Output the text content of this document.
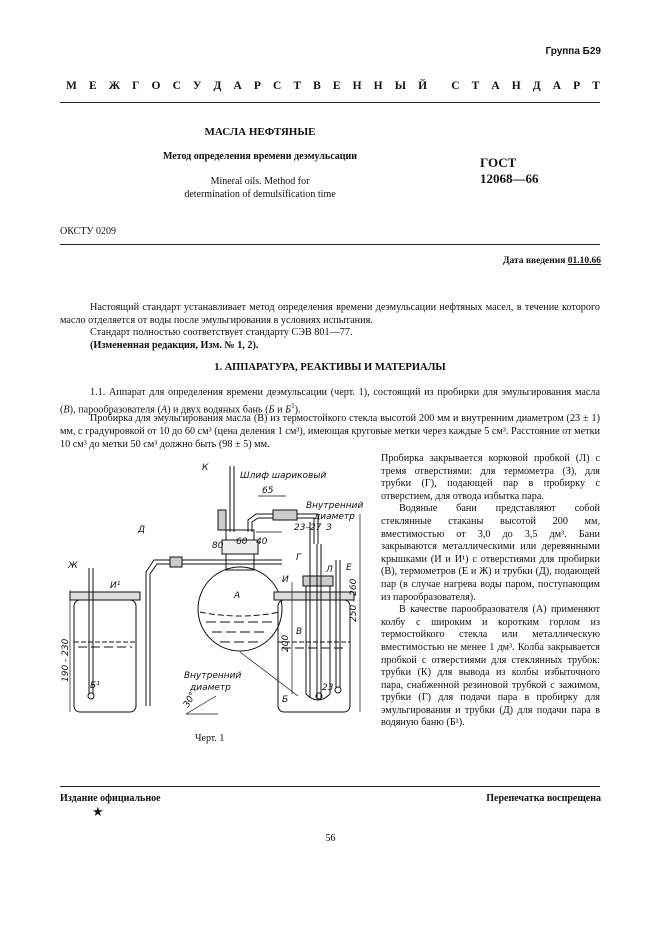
Группа Б29
М Е Ж Г О С У Д А Р С Т В Е Н Н Ы Й С Т А Н Д А Р Т
МАСЛА НЕФТЯНЫЕ
Метод определения времени деэмульсации
Mineral oils. Method for
determination of demulsification time
ГОСТ
12068—66
ОКСТУ 0209
Дата введения 01.10.66

Настоящий стандарт устанавливает метод определения времени деэмульсации нефтяных масел, в течение которого масло отделяется от воды после эмульгирования в условиях испытания.

Стандарт полностью соответствует стандарту СЭВ 801—77.

(Измененная редакция, Изм. № 1, 2).

1. АППАРАТУРА, РЕАКТИВЫ И МАТЕРИАЛЫ

1.1. Аппарат для определения времени деэмульсации (черт. 1), состоящий из пробирки для эмульгирования масла (В), парообразователя (А) и двух водяных бань (Б и $Б^1$).

Пробирка для эмульгирования масла (В) из термостойкого стекла высотой 200 мм и внутренним диаметром (23 ± 1) мм, с градуировкой от 10 до 60 см³ (цена деления 1 см³), имеющая круговые метки через каждые 5 см³. Расстояние от метки 10 см³ до метки 50 см³ должно быть (98 ± 5) мм.

Пробирка закрывается корковой пробкой (Л) с тремя отверстиями: для термометра (З), для трубки (Г), подающей пар в пробирку с отверстием, для отвода избытка пара.

Водяные бани представляют собой стеклянные стаканы высотой 200 мм, вместимостью от 3,0 до 3,5 дм³. Бани закрываются металлическими или деревянными крышками (И и И¹) с отверстиями для пробирки (В), термометров (Е и Ж) и трубки (Д), подающей пар (в случае нагрева воды паром, поступающим из парообразователя).

В качестве парообразователя (А) применяют колбу с широким и коротким горлом из термостойкого стекла или металлическую вместимостью не менее 1 дм³. Колба закрывается пробкой с отверстиями для стеклянных трубок: трубки (К) для вывода из колбы избыточного пара, снабженной резиновой трубкой с зажимом, трубки (Г) для подачи пара в пробирку для эмульгирования и трубки (Д) для подачи пара в водяную баню (Б¹).

К
Шлиф шариковый
65
Внутренний
диаметр
Д
80 60 40
23–27 З
Г
Ж
И¹
И
Л Е
А	250 - 260
190 - 230	200
В
Внутренний
диаметр	23
Б¹
Б
30°
Черт. 1
Издание официальное	Перепечатка воспрещена
★
56
